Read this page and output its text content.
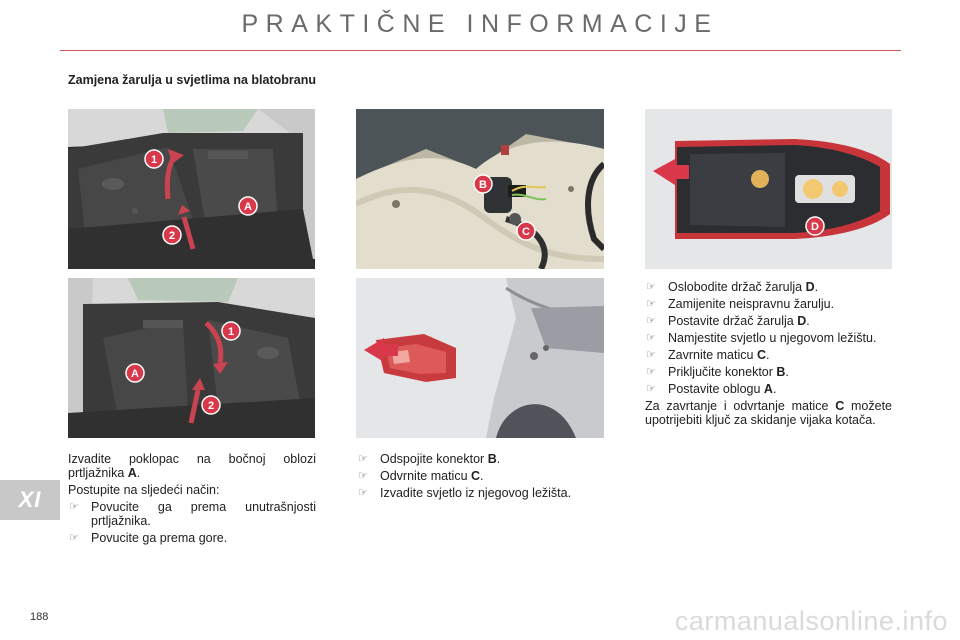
PRAKTIČNE INFORMACIJE
Zamjena žarulja u svjetlima na blatobranu
1
2
A
1
2
A
B
C	D

Izvadite poklopac na bočnoj oblozi prtljažnika A.

Postupite na sljedeći način:

☞ Povucite ga prema unutrašnjosti prtljažnika.
☞ Povucite ga prema gore.
☞ Odspojite konektor B.
☞ Odvrnite maticu C.
☞ Izvadite svjetlo iz njegovog ležišta.
☞ Oslobodite držač žarulja D.
☞ Zamijenite neispravnu žarulju.
☞ Postavite držač žarulja D.
☞ Namjestite svjetlo u njegovom ležištu.
☞ Zavrnite maticu C.
☞ Priključite konektor B.
☞ Postavite oblogu A.

Za zavrtanje i odvrtanje matice C možete upotrijebiti ključ za skidanje vijaka kotača.

XI
188	carmanualsonline.info
